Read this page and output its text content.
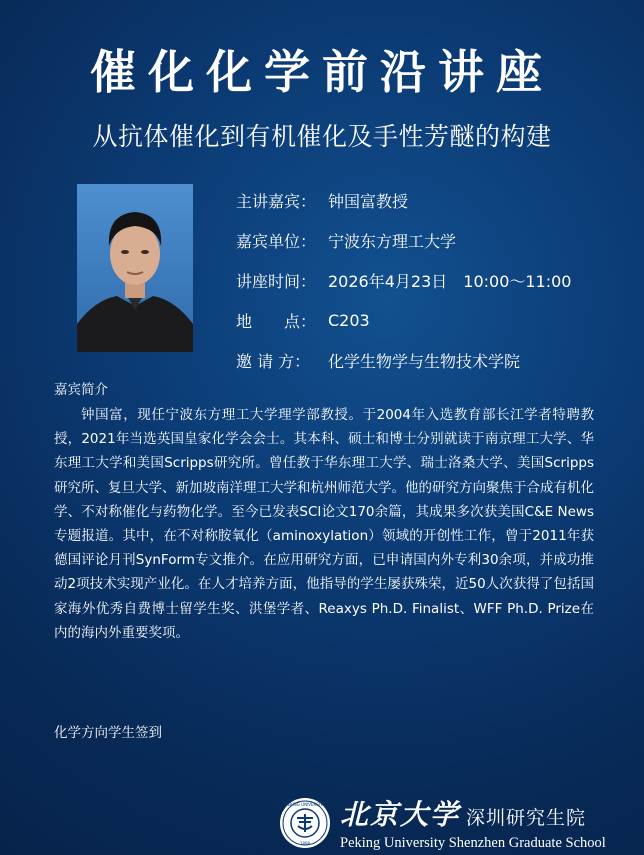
催化化学前沿讲座
从抗体催化到有机催化及手性芳醚的构建
主讲嘉宾： 钟国富教授
嘉宾单位： 宁波东方理工大学
讲座时间： 2026年4月23日　10:00～11:00
地　　点： C203
邀 请 方：	化学生物学与生物技术学院
嘉宾简介
钟国富，现任宁波东方理工大学理学部教授。于2004年入选教育部长江学者特聘教授，2021年当选英国皇家化学会会士。其本科、硕士和博士分别就读于南京理工大学、华东理工大学和美国Scripps研究所。曾任教于华东理工大学、瑞士洛桑大学、美国Scripps研究所、复旦大学、新加坡南洋理工大学和杭州师范大学。他的研究方向聚焦于合成有机化学、不对称催化与药物化学。至今已发表SCI论文170余篇，其成果多次获美国C&E News专题报道。其中，在不对称胺氧化（aminoxylation）领域的开创性工作，曾于2011年获德国评论月刊SynForm专文推介。在应用研究方面，已申请国内外专利30余项，并成功推动2项技术实现产业化。在人才培养方面，他指导的学生屡获殊荣，近50人次获得了包括国家海外优秀自费博士留学生奖、洪堡学者、Reaxys Ph.D. Finalist、WFF Ph.D. Prize在内的海内外重要奖项。
化学方向学生签到
PEKING UNIVERSITY
1898
北京大学 深圳研究生院
Peking University Shenzhen Graduate School
